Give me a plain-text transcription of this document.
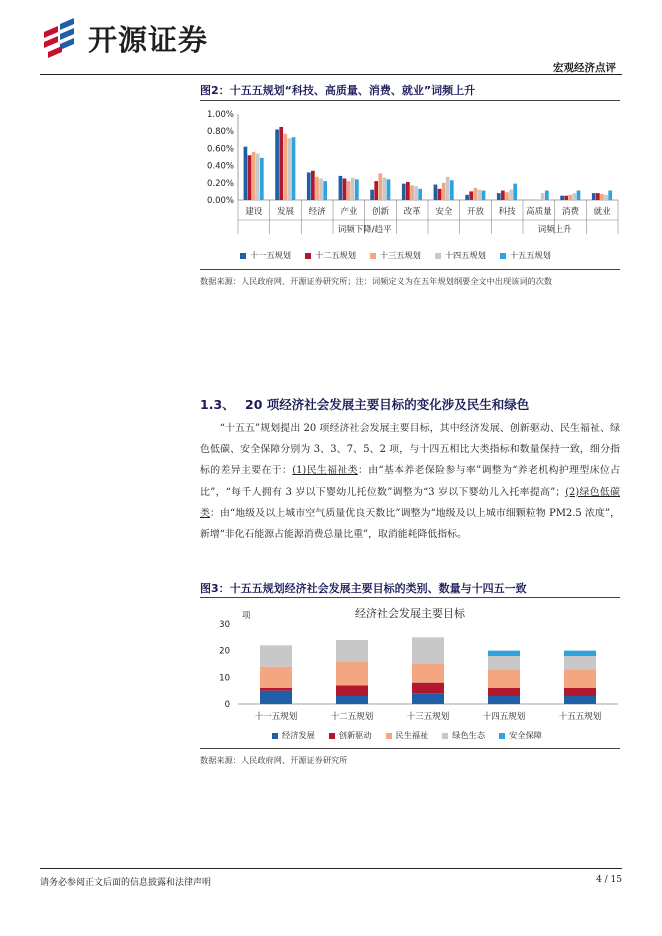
开源证券
宏观经济点评
图2：十五五规划“科技、高质量、消费、就业”词频上升
0.00%
0.20%
0.40%
0.60%
0.80%
1.00%
建设 发展 经济 产业 创新 改革 安全 开放 科技 高质量 消费 就业
词频下降/趋平	词频上升
十一五规划	十二五规划	十三五规划	十四五规划	十五五规划
数据来源：人民政府网、开源证券研究所；注：词频定义为在五年规划纲要全文中出现该词的次数
1.3、 20 项经济社会发展主要目标的变化涉及民生和绿色

“十五五”规划提出 20 项经济社会发展主要目标，其中经济发展、创新驱动、民生福祉、绿色低碳、安全保障分别为 3、3、7、5、2 项，与十四五相比大类指标和数量保持一致，细分指标的差异主要在于：(1)民生福祉类：由“基本养老保险参与率”调整为“养老机构护理型床位占比”，“每千人拥有 3 岁以下婴幼儿托位数”调整为“3 岁以下婴幼儿入托率提高”；(2)绿色低碳类：由“地级及以上城市空气质量优良天数比”调整为“地级及以上城市细颗粒物 PM2.5 浓度”，新增“非化石能源占能源消费总量比重”，取消能耗降低指标。

图3：十五五规划经济社会发展主要目标的类别、数量与十四五一致
经济社会发展主要目标
项
0
10
20
30
十一五规划	十二五规划	十三五规划	十四五规划	十五五规划
经济发展	创新驱动	民生福祉	绿色生态	安全保障
数据来源：人民政府网、开源证券研究所
请务必参阅正文后面的信息披露和法律声明	4 / 15
